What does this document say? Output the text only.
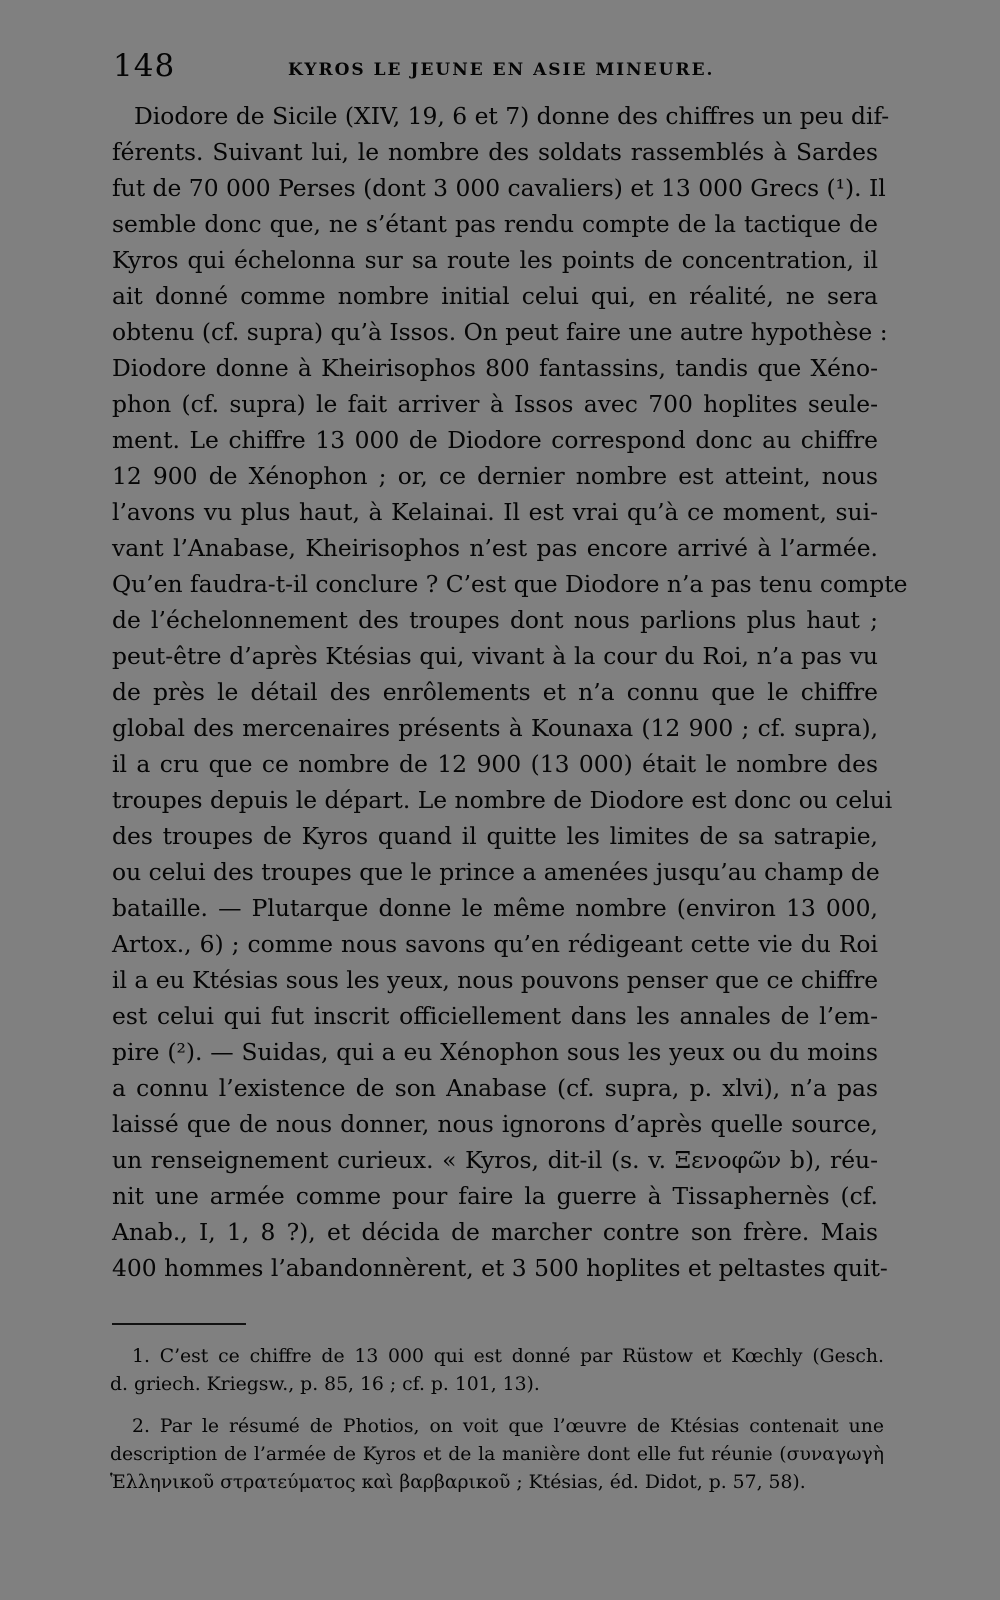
148	KYROS LE JEUNE EN ASIE MINEURE.
Diodore de Sicile (XIV, 19, 6 et 7) donne des chiffres un peu dif-
férents. Suivant lui, le nombre des soldats rassemblés à Sardes
fut de 70 000 Perses (dont 3 000 cavaliers) et 13 000 Grecs (¹). Il
semble donc que, ne s’étant pas rendu compte de la tactique de
Kyros qui échelonna sur sa route les points de concentration, il
ait donné comme nombre initial celui qui, en réalité, ne sera
obtenu (cf. supra) qu’à Issos. On peut faire une autre hypothèse :
Diodore donne à Kheirisophos 800 fantassins, tandis que Xéno-
phon (cf. supra) le fait arriver à Issos avec 700 hoplites seule-
ment. Le chiffre 13 000 de Diodore correspond donc au chiffre
12 900 de Xénophon ; or, ce dernier nombre est atteint, nous
l’avons vu plus haut, à Kelainai. Il est vrai qu’à ce moment, sui-
vant l’Anabase, Kheirisophos n’est pas encore arrivé à l’armée.
Qu’en faudra-t-il conclure ? C’est que Diodore n’a pas tenu compte
de l’échelonnement des troupes dont nous parlions plus haut ;
peut-être d’après Ktésias qui, vivant à la cour du Roi, n’a pas vu
de près le détail des enrôlements et n’a connu que le chiffre
global des mercenaires présents à Kounaxa (12 900 ; cf. supra),
il a cru que ce nombre de 12 900 (13 000) était le nombre des
troupes depuis le départ. Le nombre de Diodore est donc ou celui
des troupes de Kyros quand il quitte les limites de sa satrapie,
ou celui des troupes que le prince a amenées jusqu’au champ de
bataille. — Plutarque donne le même nombre (environ 13 000,
Artox., 6) ; comme nous savons qu’en rédigeant cette vie du Roi
il a eu Ktésias sous les yeux, nous pouvons penser que ce chiffre
est celui qui fut inscrit officiellement dans les annales de l’em-
pire (²). — Suidas, qui a eu Xénophon sous les yeux ou du moins
a connu l’existence de son Anabase (cf. supra, p. xlvi), n’a pas
laissé que de nous donner, nous ignorons d’après quelle source,
un renseignement curieux. « Kyros, dit-il (s. v. Ξενοφῶν b), réu-
nit une armée comme pour faire la guerre à Tissaphernès (cf.
Anab., I, 1, 8 ?), et décida de marcher contre son frère. Mais
400 hommes l’abandonnèrent, et 3 500 hoplites et peltastes quit-
1. C’est ce chiffre de 13 000 qui est donné par Rüstow et Kœchly (Gesch.
d. griech. Kriegsw., p. 85, 16 ; cf. p. 101, 13).
2. Par le résumé de Photios, on voit que l’œuvre de Ktésias contenait une
description de l’armée de Kyros et de la manière dont elle fut réunie (συναγωγὴ
Ἑλληνικοῦ στρατεύματος καὶ βαρβαρικοῦ ; Ktésias, éd. Didot, p. 57, 58).
